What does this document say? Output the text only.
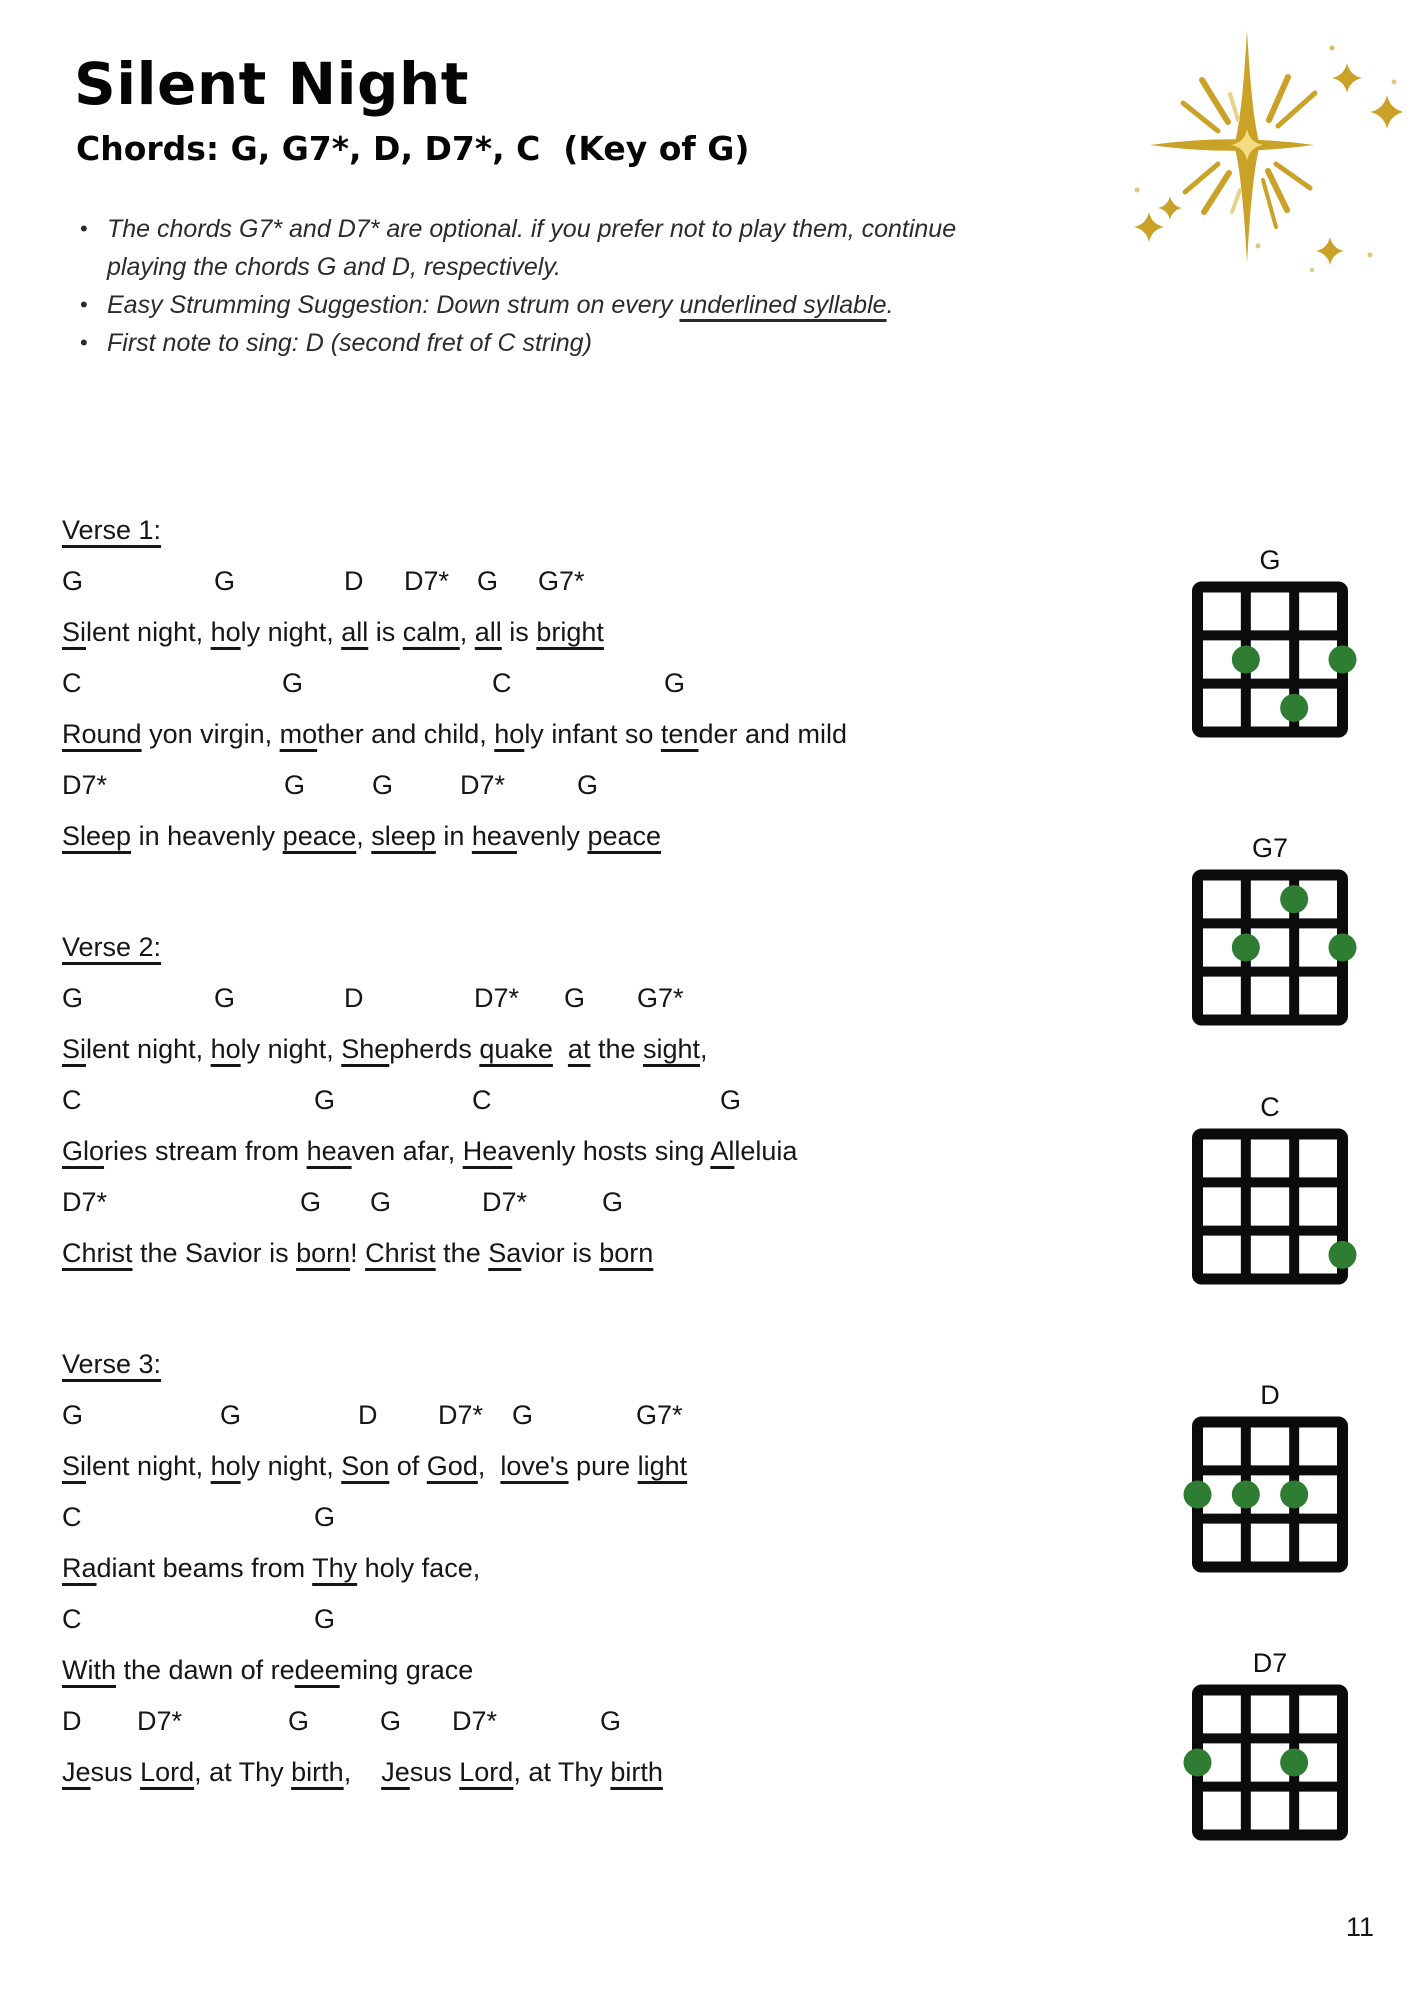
Silent Night
Chords: G, G7*, D, D7*, C  (Key of G)
• The chords G7* and D7* are optional. if you prefer not to play them, continue
playing the chords G and D, respectively.
• Easy Strumming Suggestion: Down strum on every underlined syllable.
• First note to sing: D (second fret of C string)
Verse 1:
G	G	D D7* G G7*
Silent night, holy night, all is calm, all is bright
C	G	C	G
Round yon virgin, mother and child, holy infant so tender and mild
D7*	G G D7*	G
Sleep in heavenly peace, sleep in heavenly peace
Verse 2:
G	G	D	D7* G G7*
Silent night, holy night, Shepherds quake at the sight,
C	G	C	G
Glories stream from heaven afar, Heavenly hosts sing Alleluia
D7*	G G	D7*	G
Christ the Savior is born! Christ the Savior is born
Verse 3:
G	G	D D7* G	G7*
Silent night, holy night, Son of God,  love's pure light
C	G
Radiant beams from Thy holy face,
C	G
With the dawn of redeeming grace
D D7*	G	G D7*	G
Jesus Lord, at Thy birth,    Jesus Lord, at Thy birth
G
G7
C
D
D7
11
